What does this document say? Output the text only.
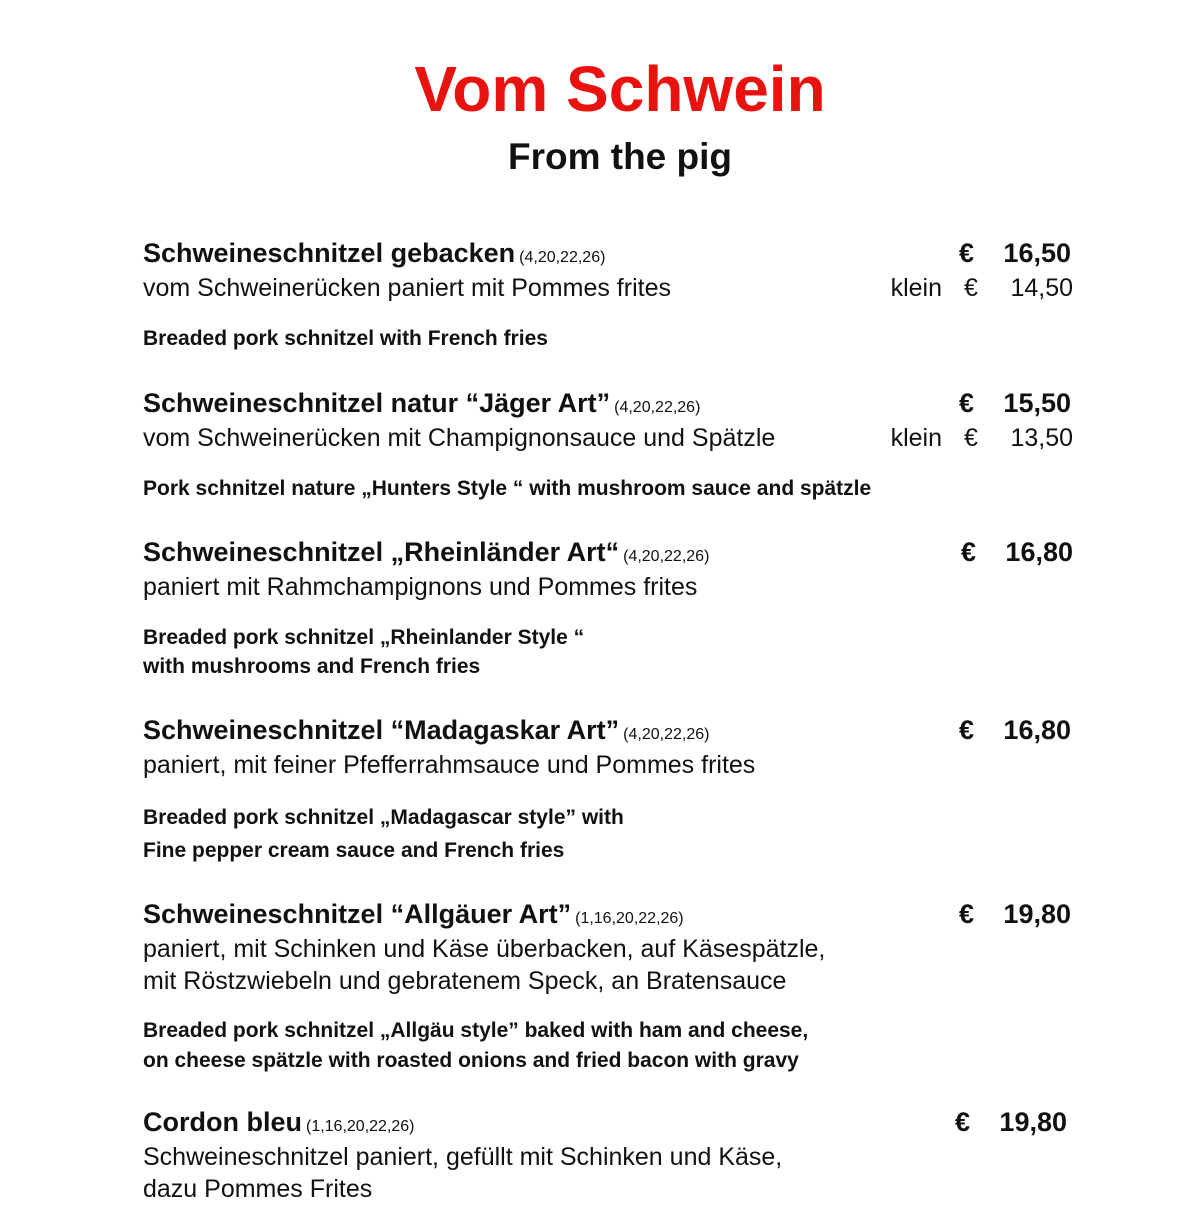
Vom Schwein
From the pig
Schweineschnitzel gebacken (4,20,22,26)	€ 16,50
vom Schweinerücken paniert mit Pommes frites	klein € 14,50
Breaded pork schnitzel with French fries
Schweineschnitzel natur “Jäger Art” (4,20,22,26)	€ 15,50
vom Schweinerücken mit Champignonsauce und Spätzle	klein € 13,50
Pork schnitzel nature „Hunters Style “ with mushroom sauce and spätzle
Schweineschnitzel „Rheinländer Art“ (4,20,22,26)	€ 16,80
paniert mit Rahmchampignons und Pommes frites
Breaded pork schnitzel „Rheinlander Style “
with mushrooms and French fries
Schweineschnitzel “Madagaskar Art” (4,20,22,26)	€ 16,80
paniert, mit feiner Pfefferrahmsauce und Pommes frites
Breaded pork schnitzel „Madagascar style” with
Fine pepper cream sauce and French fries
Schweineschnitzel “Allgäuer Art” (1,16,20,22,26)	€ 19,80
paniert, mit Schinken und Käse überbacken, auf Käsespätzle,
mit Röstzwiebeln und gebratenem Speck, an Bratensauce
Breaded pork schnitzel „Allgäu style” baked with ham and cheese,
on cheese spätzle with roasted onions and fried bacon with gravy
Cordon bleu (1,16,20,22,26)	€ 19,80
Schweineschnitzel paniert, gefüllt mit Schinken und Käse,
dazu Pommes Frites
